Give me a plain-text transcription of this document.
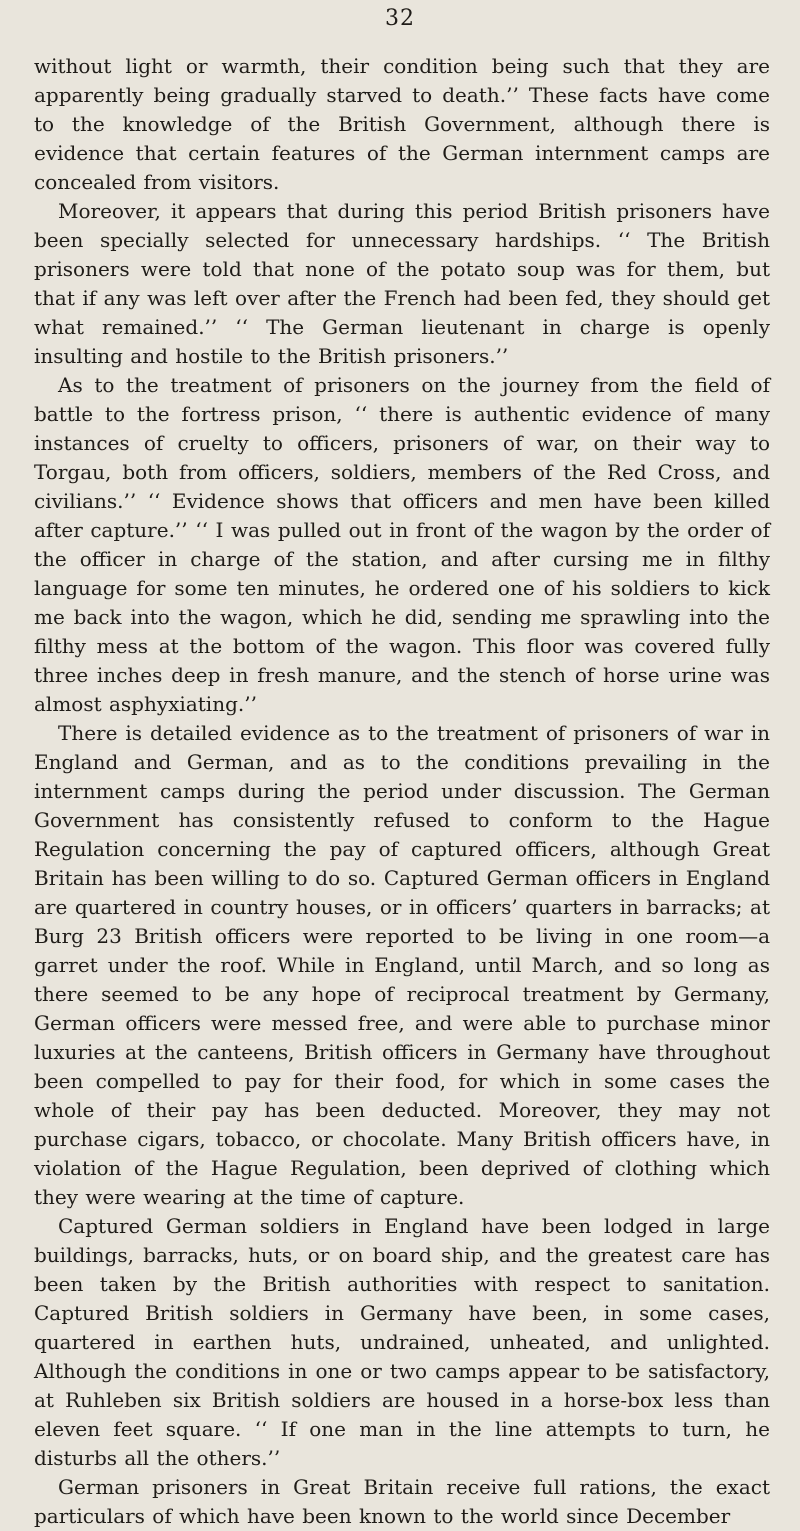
32

without light or warmth, their condition being such that they are apparently being gradually starved to death.’’ These facts have come to the knowledge of the British Government, although there is evidence that certain features of the German internment camps are concealed from visitors.

Moreover, it appears that during this period British prisoners have been specially selected for unnecessary hardships. ‘‘ The British prisoners were told that none of the potato soup was for them, but that if any was left over after the French had been fed, they should get what remained.’’ ‘‘ The German lieutenant in charge is openly insulting and hostile to the British prisoners.’’

As to the treatment of prisoners on the journey from the field of battle to the fortress prison, ‘‘ there is authentic evidence of many instances of cruelty to officers, prisoners of war, on their way to Torgau, both from officers, soldiers, members of the Red Cross, and civilians.’’ ‘‘ Evidence shows that officers and men have been killed after capture.’’ ‘‘ I was pulled out in front of the wagon by the order of the officer in charge of the station, and after cursing me in filthy language for some ten minutes, he ordered one of his soldiers to kick me back into the wagon, which he did, sending me sprawling into the filthy mess at the bottom of the wagon. This floor was covered fully three inches deep in fresh manure, and the stench of horse urine was almost asphyxiating.’’

There is detailed evidence as to the treatment of prisoners of war in England and German, and as to the conditions prevailing in the internment camps during the period under discussion. The German Government has consistently refused to conform to the Hague Regulation concerning the pay of captured officers, although Great Britain has been willing to do so. Captured German officers in England are quartered in country houses, or in officers’ quarters in barracks; at Burg 23 British officers were reported to be living in one room—a garret under the roof. While in England, until March, and so long as there seemed to be any hope of reciprocal treatment by Germany, German officers were messed free, and were able to purchase minor luxuries at the canteens, British officers in Germany have throughout been compelled to pay for their food, for which in some cases the whole of their pay has been deducted. Moreover, they may not purchase cigars, tobacco, or chocolate. Many British officers have, in violation of the Hague Regulation, been deprived of clothing which they were wearing at the time of capture.

Captured German soldiers in England have been lodged in large buildings, barracks, huts, or on board ship, and the greatest care has been taken by the British authorities with respect to sanitation. Captured British soldiers in Germany have been, in some cases, quartered in earthen huts, undrained, unheated, and unlighted. Although the conditions in one or two camps appear to be satisfactory, at Ruhleben six British soldiers are housed in a horse-box less than eleven feet square. ‘‘ If one man in the line attempts to turn, he disturbs all the others.’’

German prisoners in Great Britain receive full rations, the exact particulars of which have been known to the world since December
